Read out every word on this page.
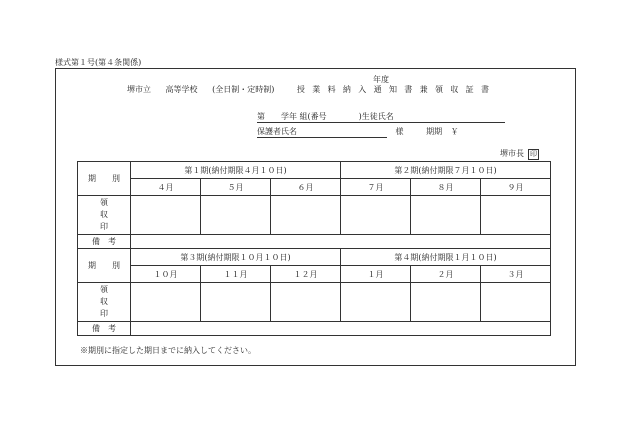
様式第１号(第４条関係)
年度
堺市立 高等学校 (全日制・定時制)	授 業 料 納 入 通 知 書 兼 領 収 証 書
第　　学年 組(番号　　　　)生徒氏名
保護者氏名	様	期期 ￥
堺市長 印
期　　別	第１期(納付期限４月１０日)			第２期(納付期限７月１０日)		
	４月	５月	６月	７月	８月	９月

領
収
印						

備　考						
期　　別	第３期(納付期限１０月１０日)			第４期(納付期限１月１０日)		
	１０月	１１月	１２月	１月	２月	３月

領
収
印						

備　考						
※期別に指定した期日までに納入してください。
